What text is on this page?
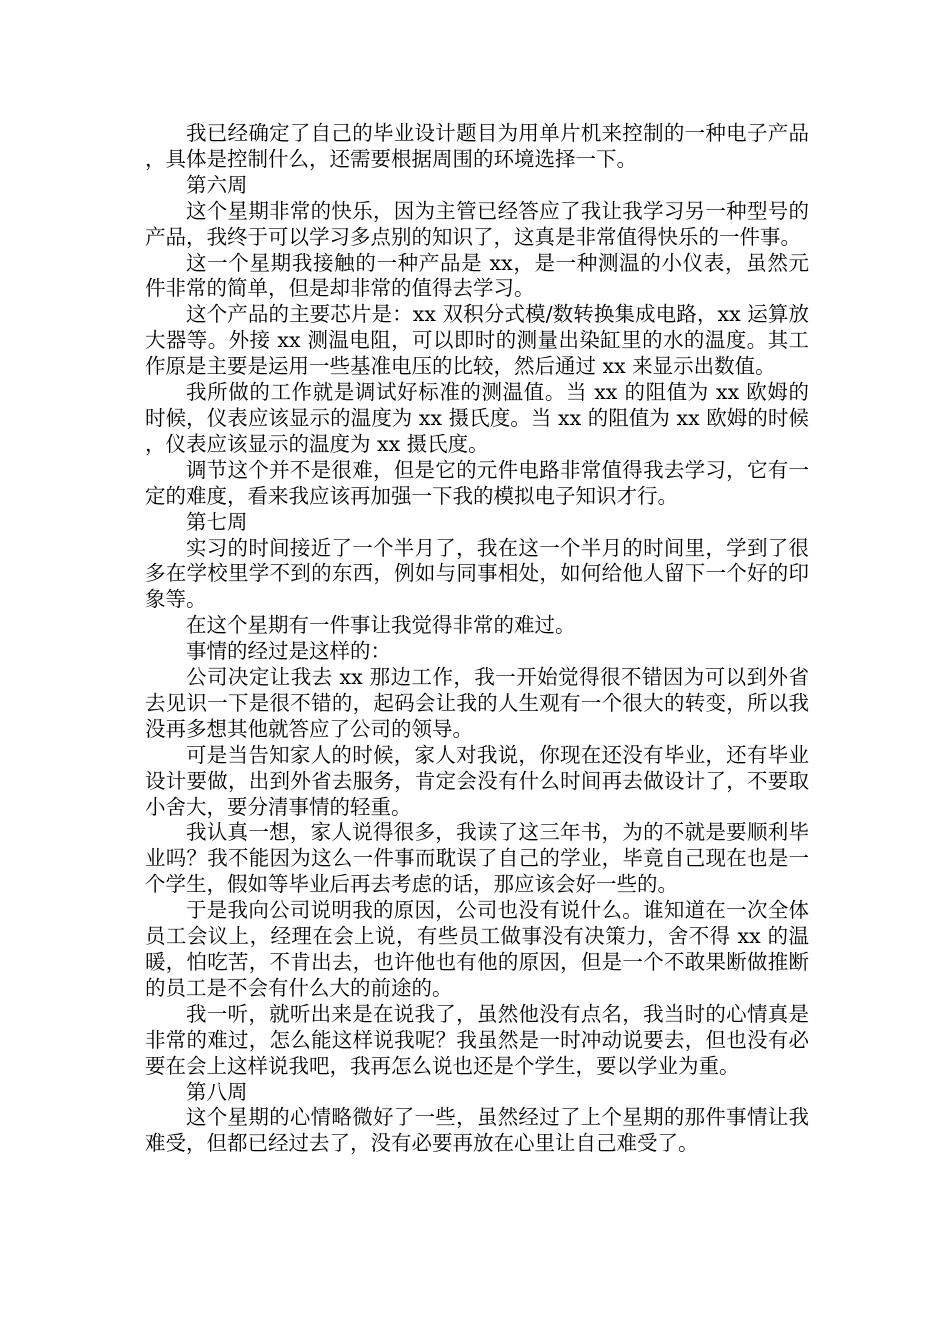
我已经确定了自己的毕业设计题目为用单片机来控制的一种电子产品，具体是控制什么，还需要根据周围的环境选择一下。

第六周

这个星期非常的快乐，因为主管已经答应了我让我学习另一种型号的产品，我终于可以学习多点别的知识了，这真是非常值得快乐的一件事。

这一个星期我接触的一种产品是 xx，是一种测温的小仪表，虽然元件非常的简单，但是却非常的值得去学习。

这个产品的主要芯片是：xx 双积分式模/数转换集成电路，xx 运算放大器等。外接 xx 测温电阻，可以即时的测量出染缸里的水的温度。其工作原是主要是运用一些基准电压的比较，然后通过 xx 来显示出数值。

我所做的工作就是调试好标准的测温值。当 xx 的阻值为 xx 欧姆的时候，仪表应该显示的温度为 xx 摄氏度。当 xx 的阻值为 xx 欧姆的时候，仪表应该显示的温度为 xx 摄氏度。

调节这个并不是很难，但是它的元件电路非常值得我去学习，它有一定的难度，看来我应该再加强一下我的模拟电子知识才行。

第七周

实习的时间接近了一个半月了，我在这一个半月的时间里，学到了很多在学校里学不到的东西，例如与同事相处，如何给他人留下一个好的印象等。

在这个星期有一件事让我觉得非常的难过。

事情的经过是这样的：

公司决定让我去 xx 那边工作，我一开始觉得很不错因为可以到外省去见识一下是很不错的，起码会让我的人生观有一个很大的转变，所以我没再多想其他就答应了公司的领导。

可是当告知家人的时候，家人对我说，你现在还没有毕业，还有毕业设计要做，出到外省去服务，肯定会没有什么时间再去做设计了，不要取小舍大，要分清事情的轻重。

我认真一想，家人说得很多，我读了这三年书，为的不就是要顺利毕业吗？我不能因为这么一件事而耽误了自己的学业，毕竟自己现在也是一个学生，假如等毕业后再去考虑的话，那应该会好一些的。

于是我向公司说明我的原因，公司也没有说什么。谁知道在一次全体员工会议上，经理在会上说，有些员工做事没有决策力，舍不得 xx 的温暖，怕吃苦，不肯出去，也许他也有他的原因，但是一个不敢果断做推断的员工是不会有什么大的前途的。

我一听，就听出来是在说我了，虽然他没有点名，我当时的心情真是非常的难过，怎么能这样说我呢？我虽然是一时冲动说要去，但也没有必要在会上这样说我吧，我再怎么说也还是个学生，要以学业为重。

第八周

这个星期的心情略微好了一些，虽然经过了上个星期的那件事情让我难受，但都已经过去了，没有必要再放在心里让自己难受了。
